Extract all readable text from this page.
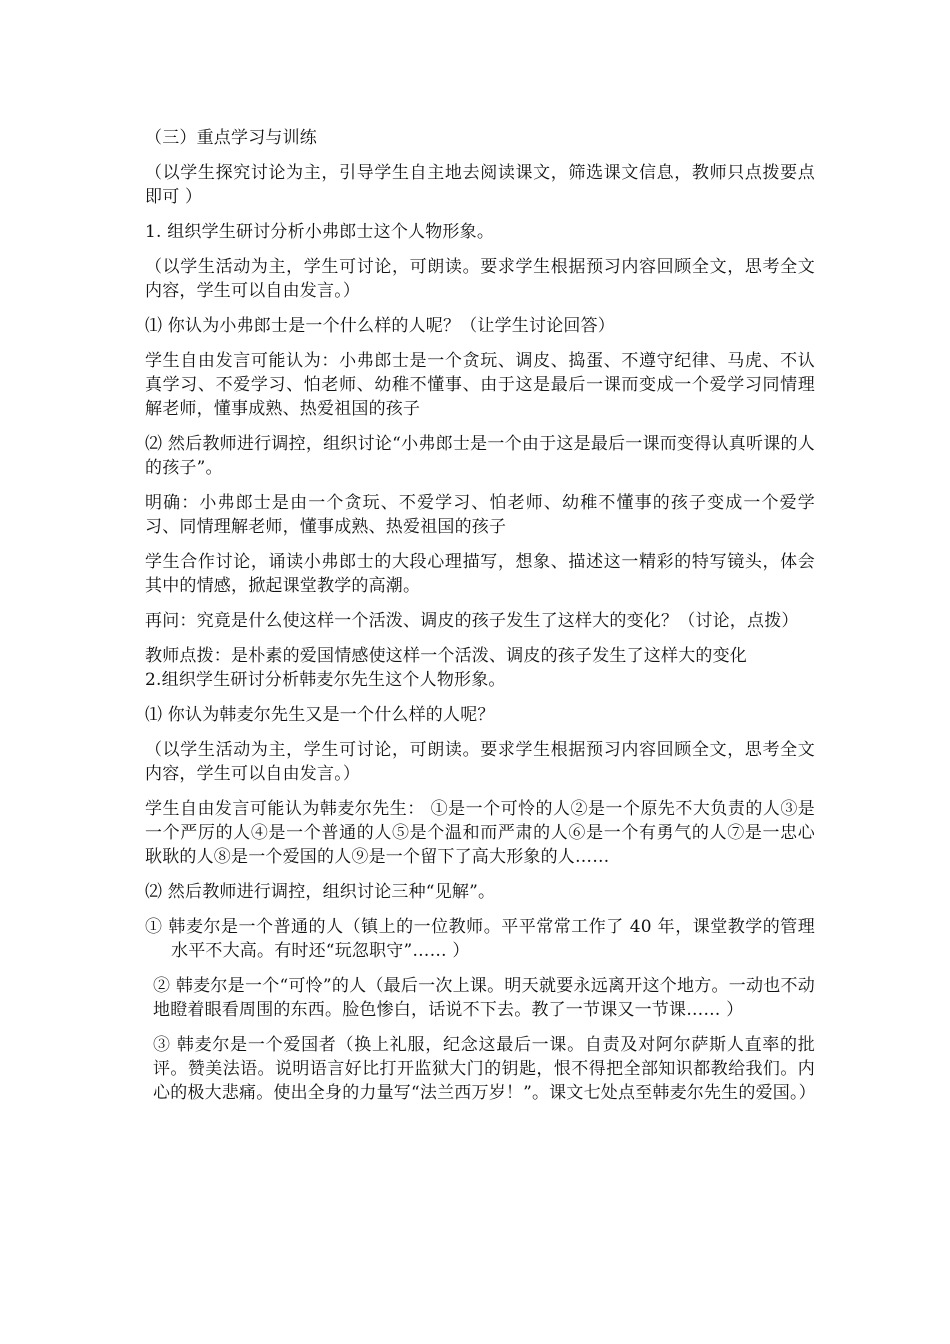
（三）重点学习与训练

（以学生探究讨论为主，引导学生自主地去阅读课文，筛选课文信息，教师只点拨要点即可 ）

1. 组织学生研讨分析小弗郎士这个人物形象。

（以学生活动为主，学生可讨论，可朗读。要求学生根据预习内容回顾全文，思考全文内容，学生可以自由发言。）

⑴ 你认为小弗郎士是一个什么样的人呢？（让学生讨论回答）

学生自由发言可能认为：小弗郎士是一个贪玩、调皮、捣蛋、不遵守纪律、马虎、不认真学习、不爱学习、怕老师、幼稚不懂事、由于这是最后一课而变成一个爱学习同情理解老师，懂事成熟、热爱祖国的孩子

⑵ 然后教师进行调控，组织讨论“小弗郎士是一个由于这是最后一课而变得认真听课的人的孩子”。

明确：小弗郎士是由一个贪玩、不爱学习、怕老师、幼稚不懂事的孩子变成一个爱学习、同情理解老师，懂事成熟、热爱祖国的孩子

学生合作讨论，诵读小弗郎士的大段心理描写，想象、描述这一精彩的特写镜头，体会其中的情感，掀起课堂教学的高潮。

再问：究竟是什么使这样一个活泼、调皮的孩子发生了这样大的变化？（讨论，点拨）

教师点拨：是朴素的爱国情感使这样一个活泼、调皮的孩子发生了这样大的变化

2.组织学生研讨分析韩麦尔先生这个人物形象。

⑴ 你认为韩麦尔先生又是一个什么样的人呢？

（以学生活动为主，学生可讨论，可朗读。要求学生根据预习内容回顾全文，思考全文内容，学生可以自由发言。）

学生自由发言可能认为韩麦尔先生： ①是一个可怜的人②是一个原先不大负责的人③是一个严厉的人④是一个普通的人⑤是个温和而严肃的人⑥是一个有勇气的人⑦是一忠心耿耿的人⑧是一个爱国的人⑨是一个留下了高大形象的人……

⑵ 然后教师进行调控，组织讨论三种“见解”。

① 韩麦尔是一个普通的人（镇上的一位教师。平平常常工作了 40 年，课堂教学的管理水平不大高。有时还“玩忽职守”…… ）

② 韩麦尔是一个“可怜”的人（最后一次上课。明天就要永远离开这个地方。一动也不动地瞪着眼看周围的东西。脸色惨白，话说不下去。教了一节课又一节课…… ）

③ 韩麦尔是一个爱国者（换上礼服，纪念这最后一课。自责及对阿尔萨斯人直率的批评。赞美法语。说明语言好比打开监狱大门的钥匙，恨不得把全部知识都教给我们。内心的极大悲痛。使出全身的力量写“法兰西万岁！”。课文七处点至韩麦尔先生的爱国。）
